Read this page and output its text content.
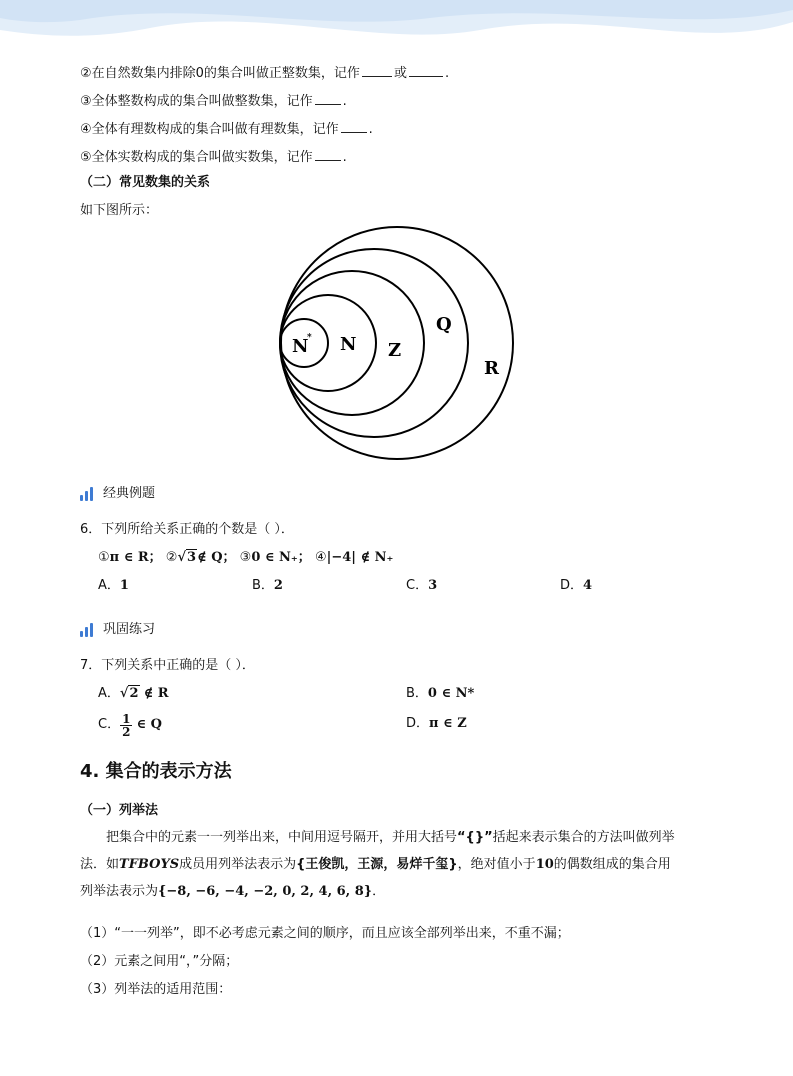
②在自然数集内排除0的集合叫做正整数集，记作	或	.
③全体整数构成的集合叫做整数集，记作 .
④全体有理数构成的集合叫做有理数集，记作 .
⑤全体实数构成的集合叫做实数集，记作 .
（二）常见数集的关系
如下图所示：
N
* N Z
Q
R
经典例题
6．下列所给关系正确的个数是（ ）．
①π ∈ R； ②√3∉ Q； ③0 ∈ N₊； ④|−4| ∉ N₊
A．1	B．2	C．3	D．4
巩固练习
7．下列关系中正确的是（ ）．
A．√2 ∉ R	B．0 ∈ N*
C． $\frac{1}{2}$ ∈ Q	D．π ∈ Z
4. 集合的表示方法
（一）列举法
把集合中的元素一一列举出来，中间用逗号隔开，并用大括号“{}”括起来表示集合的方法叫做列举
法．如TFBOYS成员用列举法表示为{王俊凯，王源，易烊千玺}，绝对值小于10的偶数组成的集合用
列举法表示为{−8, −6, −4, −2, 0, 2, 4, 6, 8}．
（1）“一一列举”，即不必考虑元素之间的顺序，而且应该全部列举出来，不重不漏；
（2）元素之间用“，”分隔；
（3）列举法的适用范围：
